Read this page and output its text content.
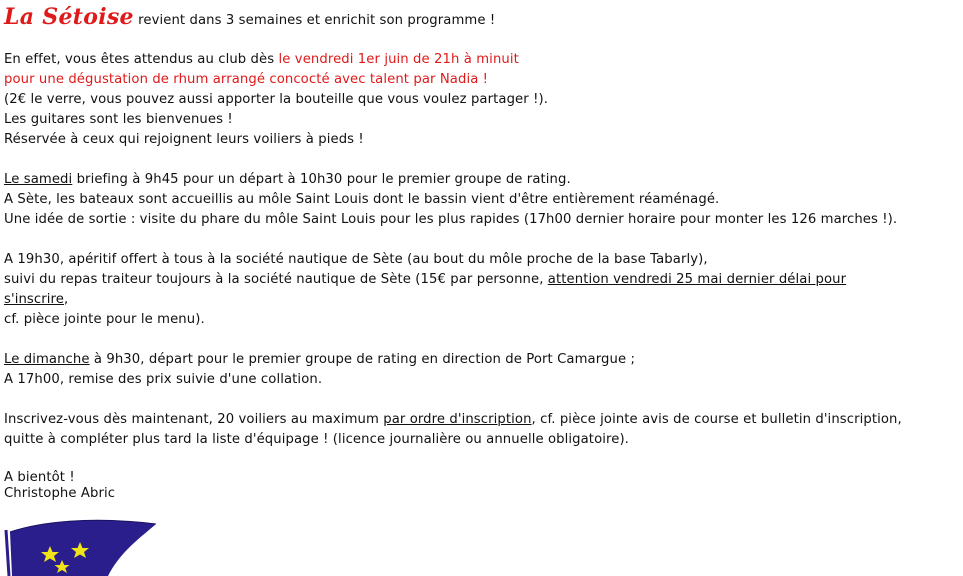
La Sétoise revient dans 3 semaines et enrichit son programme !
En effet, vous êtes attendus au club dès le vendredi 1er juin de 21h à minuit
pour une dégustation de rhum arrangé concocté avec talent par Nadia !
(2€ le verre, vous pouvez aussi apporter la bouteille que vous voulez partager !).
Les guitares sont les bienvenues !
Réservée à ceux qui rejoignent leurs voiliers à pieds !
Le samedi briefing à 9h45 pour un départ à 10h30 pour le premier groupe de rating.
A Sète, les bateaux sont accueillis au môle Saint Louis dont le bassin vient d'être entièrement réaménagé.
Une idée de sortie : visite du phare du môle Saint Louis pour les plus rapides (17h00 dernier horaire pour monter les 126 marches !).
A 19h30, apéritif offert à tous à la société nautique de Sète (au bout du môle proche de la base Tabarly),
suivi du repas traiteur toujours à la société nautique de Sète (15€ par personne, attention vendredi 25 mai dernier délai pour
s'inscrire,
cf. pièce jointe pour le menu).
Le dimanche à 9h30, départ pour le premier groupe de rating en direction de Port Camargue ;
A 17h00, remise des prix suivie d'une collation.
Inscrivez-vous dès maintenant, 20 voiliers au maximum par ordre d'inscription, cf. pièce jointe avis de course et bulletin d'inscription,
quitte à compléter plus tard la liste d'équipage ! (licence journalière ou annuelle obligatoire).
A bientôt !
Christophe Abric
